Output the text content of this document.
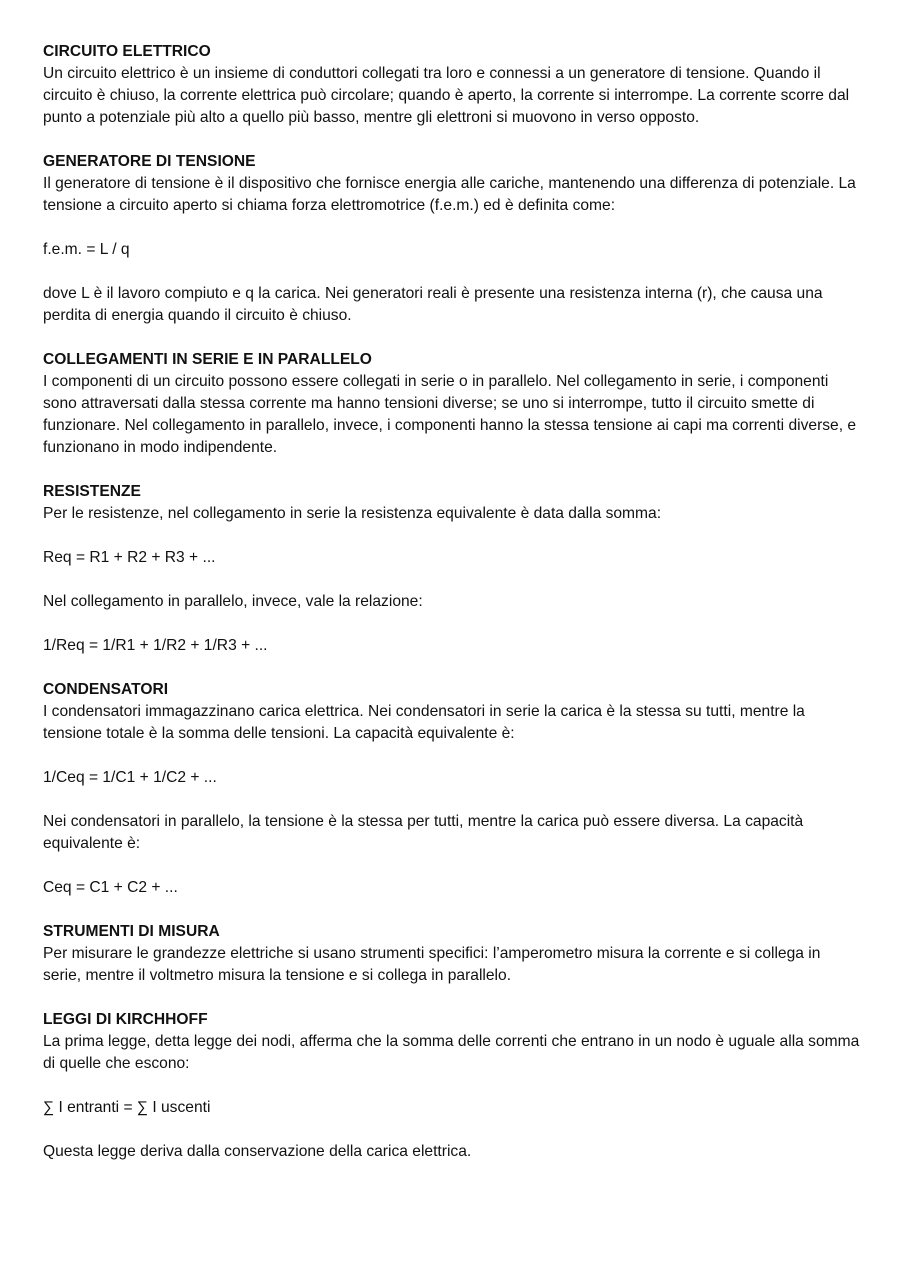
CIRCUITO ELETTRICO
Un circuito elettrico è un insieme di conduttori collegati tra loro e connessi a un generatore di tensione. Quando il circuito è chiuso, la corrente elettrica può circolare; quando è aperto, la corrente si interrompe. La corrente scorre dal punto a potenziale più alto a quello più basso, mentre gli elettroni si muovono in verso opposto.
GENERATORE DI TENSIONE
Il generatore di tensione è il dispositivo che fornisce energia alle cariche, mantenendo una differenza di potenziale. La tensione a circuito aperto si chiama forza elettromotrice (f.e.m.) ed è definita come:
f.e.m. = L / q
dove L è il lavoro compiuto e q la carica. Nei generatori reali è presente una resistenza interna (r), che causa una perdita di energia quando il circuito è chiuso.
COLLEGAMENTI IN SERIE E IN PARALLELO
I componenti di un circuito possono essere collegati in serie o in parallelo. Nel collegamento in serie, i componenti sono attraversati dalla stessa corrente ma hanno tensioni diverse; se uno si interrompe, tutto il circuito smette di funzionare. Nel collegamento in parallelo, invece, i componenti hanno la stessa tensione ai capi ma correnti diverse, e funzionano in modo indipendente.
RESISTENZE
Per le resistenze, nel collegamento in serie la resistenza equivalente è data dalla somma:
Req = R1 + R2 + R3 + ...
Nel collegamento in parallelo, invece, vale la relazione:
1/Req = 1/R1 + 1/R2 + 1/R3 + ...
CONDENSATORI
I condensatori immagazzinano carica elettrica. Nei condensatori in serie la carica è la stessa su tutti, mentre la tensione totale è la somma delle tensioni. La capacità equivalente è:
1/Ceq = 1/C1 + 1/C2 + ...
Nei condensatori in parallelo, la tensione è la stessa per tutti, mentre la carica può essere diversa. La capacità equivalente è:
Ceq = C1 + C2 + ...
STRUMENTI DI MISURA
Per misurare le grandezze elettriche si usano strumenti specifici: l’amperometro misura la corrente e si collega in serie, mentre il voltmetro misura la tensione e si collega in parallelo.
LEGGI DI KIRCHHOFF
La prima legge, detta legge dei nodi, afferma che la somma delle correnti che entrano in un nodo è uguale alla somma di quelle che escono:
∑ I entranti = ∑ I uscenti
Questa legge deriva dalla conservazione della carica elettrica.
